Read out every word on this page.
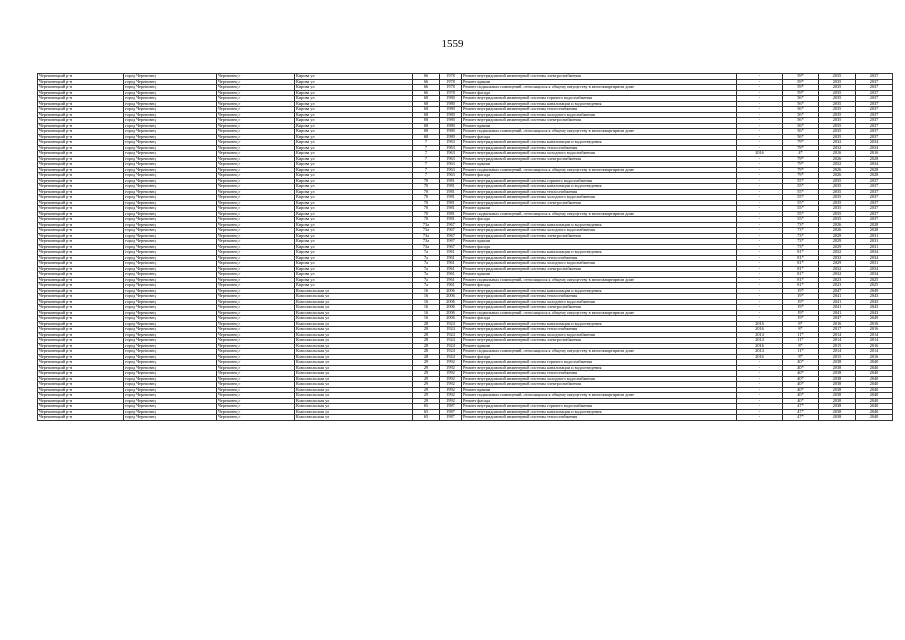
1559
Череповецкий р-н	город Череповец	Череповец г	Кирова ул	66	1978	Ремонт внутридомовой инженерной системы электроснабжения	-	59*	2035	2037
Череповецкий р-н	город Череповец	Череповец г	Кирова ул	66	1978	Ремонт крыши	-	59*	2035	2037
Череповецкий р-н	город Череповец	Череповец г	Кирова ул	66	1978	Ремонт подвальных помещений, относящихся к общему имуществу в многоквартирном доме	-	59*	2035	2037
Череповецкий р-н	город Череповец	Череповец г	Кирова ул	66	1978	Ремонт фасада	-	59*	2035	2037
Череповецкий р-н	город Череповец	Череповец г	Кирова ул	68	1980	Ремонт внутридомовой инженерной системы горячего водоснабжения	-	56*	2035	2037
Череповецкий р-н	город Череповец	Череповец г	Кирова ул	68	1980	Ремонт внутридомовой инженерной системы канализации и водоотведения	-	56*	2035	2037
Череповецкий р-н	город Череповец	Череповец г	Кирова ул	68	1980	Ремонт внутридомовой инженерной системы теплоснабжения	-	56*	2035	2037
Череповецкий р-н	город Череповец	Череповец г	Кирова ул	68	1980	Ремонт внутридомовой инженерной системы холодного водоснабжения	-	56*	2035	2037
Череповецкий р-н	город Череповец	Череповец г	Кирова ул	68	1980	Ремонт внутридомовой инженерной системы электроснабжения	-	56*	2035	2037
Череповецкий р-н	город Череповец	Череповец г	Кирова ул	68	1980	Ремонт крыши	-	56*	2035	2037
Череповецкий р-н	город Череповец	Череповец г	Кирова ул	68	1980	Ремонт подвальных помещений, относящихся к общему имуществу в многоквартирном доме	-	56*	2035	2037
Череповецкий р-н	город Череповец	Череповец г	Кирова ул	68	1980	Ремонт фасада	-	56*	2035	2037
Череповецкий р-н	город Череповец	Череповец г	Кирова ул	7	1963	Ремонт внутридомовой инженерной системы канализации и водоотведения	-	79*	2032	2034
Череповецкий р-н	город Череповец	Череповец г	Кирова ул	7	1963	Ремонт внутридомовой инженерной системы теплоснабжения	-	79*	2032	2034
Череповецкий р-н	город Череповец	Череповец г	Кирова ул	7	1963	Ремонт внутридомовой инженерной системы холодного водоснабжения	2016	4*	2016	2016
Череповецкий р-н	город Череповец	Череповец г	Кирова ул	7	1963	Ремонт внутридомовой инженерной системы электроснабжения	-	79*	2026	2028
Череповецкий р-н	город Череповец	Череповец г	Кирова ул	7	1963	Ремонт крыши	-	79*	2032	2034
Череповецкий р-н	город Череповец	Череповец г	Кирова ул	7	1963	Ремонт подвальных помещений, относящихся к общему имуществу в многоквартирном доме	-	79*	2026	2028
Череповецкий р-н	город Череповец	Череповец г	Кирова ул	7	1963	Ремонт фасада	-	79*	2026	2028
Череповецкий р-н	город Череповец	Череповец г	Кирова ул	70	1981	Ремонт внутридомовой инженерной системы горячего водоснабжения	-	55*	2035	2037
Череповецкий р-н	город Череповец	Череповец г	Кирова ул	70	1981	Ремонт внутридомовой инженерной системы канализации и водоотведения	-	55*	2035	2037
Череповецкий р-н	город Череповец	Череповец г	Кирова ул	70	1981	Ремонт внутридомовой инженерной системы теплоснабжения	-	55*	2035	2037
Череповецкий р-н	город Череповец	Череповец г	Кирова ул	70	1981	Ремонт внутридомовой инженерной системы холодного водоснабжения	-	55*	2035	2037
Череповецкий р-н	город Череповец	Череповец г	Кирова ул	70	1981	Ремонт внутридомовой инженерной системы электроснабжения	-	55*	2035	2037
Череповецкий р-н	город Череповец	Череповец г	Кирова ул	70	1981	Ремонт крыши	-	55*	2035	2037
Череповецкий р-н	город Череповец	Череповец г	Кирова ул	70	1981	Ремонт подвальных помещений, относящихся к общему имуществу в многоквартирном доме	-	55*	2035	2037
Череповецкий р-н	город Череповец	Череповец г	Кирова ул	70	1981	Ремонт фасада	-	55*	2035	2037
Череповецкий р-н	город Череповец	Череповец г	Кирова ул	73а	1967	Ремонт внутридомовой инженерной системы канализации и водоотведения	-	73*	2026	2028
Череповецкий р-н	город Череповец	Череповец г	Кирова ул	73а	1967	Ремонт внутридомовой инженерной системы холодного водоснабжения	-	73*	2026	2028
Череповецкий р-н	город Череповец	Череповец г	Кирова ул	73а	1967	Ремонт внутридомовой инженерной системы электроснабжения	-	73*	2029	2031
Череповецкий р-н	город Череповец	Череповец г	Кирова ул	73а	1967	Ремонт крыши	-	73*	2029	2031
Череповецкий р-н	город Череповец	Череповец г	Кирова ул	73а	1967	Ремонт фасада	-	73*	2029	2031
Череповецкий р-н	город Череповец	Череповец г	Кирова ул	7а	1961	Ремонт внутридомовой инженерной системы канализации и водоотведения	-	81*	2032	2034
Череповецкий р-н	город Череповец	Череповец г	Кирова ул	7а	1961	Ремонт внутридомовой инженерной системы теплоснабжения	-	81*	2032	2034
Череповецкий р-н	город Череповец	Череповец г	Кирова ул	7а	1961	Ремонт внутридомовой инженерной системы холодного водоснабжения	-	81*	2029	2031
Череповецкий р-н	город Череповец	Череповец г	Кирова ул	7а	1961	Ремонт внутридомовой инженерной системы электроснабжения	-	81*	2032	2034
Череповецкий р-н	город Череповец	Череповец г	Кирова ул	7а	1961	Ремонт крыши	-	81*	2032	2034
Череповецкий р-н	город Череповец	Череповец г	Кирова ул	7а	1961	Ремонт подвальных помещений, относящихся к общему имуществу в многоквартирном доме	-	81*	2023	2025
Череповецкий р-н	город Череповец	Череповец г	Кирова ул	7а	1961	Ремонт фасада	-	81*	2023	2025
Череповецкий р-н	город Череповец	Череповец г	Комсомольская ул	16	2006	Ремонт внутридомовой инженерной системы канализации и водоотведения	-	19*	2047	2049
Череповецкий р-н	город Череповец	Череповец г	Комсомольская ул	16	2006	Ремонт внутридомовой инженерной системы теплоснабжения	-	19*	2041	2043
Череповецкий р-н	город Череповец	Череповец г	Комсомольская ул	16	2006	Ремонт внутридомовой инженерной системы холодного водоснабжения	-	19*	2041	2043
Череповецкий р-н	город Череповец	Череповец г	Комсомольская ул	16	2006	Ремонт внутридомовой инженерной системы электроснабжения	-	19*	2041	2043
Череповецкий р-н	город Череповец	Череповец г	Комсомольская ул	16	2006	Ремонт подвальных помещений, относящихся к общему имуществу в многоквартирном доме	-	19*	2041	2043
Череповецкий р-н	город Череповец	Череповец г	Комсомольская ул	16	2006	Ремонт фасада	-	19*	2047	2049
Череповецкий р-н	город Череповец	Череповец г	Комсомольская ул	28	1924	Ремонт внутридомовой инженерной системы канализации и водоотведения	2016	8*	2016	2016
Череповецкий р-н	город Череповец	Череповец г	Комсомольская ул	28	1924	Ремонт внутридомовой инженерной системы теплоснабжения	2016	8*	2017	2016
Череповецкий р-н	город Череповец	Череповец г	Комсомольская ул	28	1924	Ремонт внутридомовой инженерной системы холодного водоснабжения	2014	11*	2014	2014
Череповецкий р-н	город Череповец	Череповец г	Комсомольская ул	28	1924	Ремонт внутридомовой инженерной системы электроснабжения	2014	11*	2014	2014
Череповецкий р-н	город Череповец	Череповец г	Комсомольская ул	28	1924	Ремонт крыши	2016	8*	2015	2016
Череповецкий р-н	город Череповец	Череповец г	Комсомольская ул	28	1924	Ремонт подвальных помещений, относящихся к общему имуществу в многоквартирном доме	2014	11*	2014	2014
Череповецкий р-н	город Череповец	Череповец г	Комсомольская ул	28	1924	Ремонт фасада	2016	8*	2015	2016
Череповецкий р-н	город Череповец	Череповец г	Комсомольская ул	29	1992	Ремонт внутридомовой инженерной системы горячего водоснабжения	-	40*	2038	2040
Череповецкий р-н	город Череповец	Череповец г	Комсомольская ул	29	1992	Ремонт внутридомовой инженерной системы канализации и водоотведения	-	40*	2038	2040
Череповецкий р-н	город Череповец	Череповец г	Комсомольская ул	29	1992	Ремонт внутридомовой инженерной системы теплоснабжения	-	40*	2038	2040
Череповецкий р-н	город Череповец	Череповец г	Комсомольская ул	29	1992	Ремонт внутридомовой инженерной системы холодного водоснабжения	-	40*	2038	2040
Череповецкий р-н	город Череповец	Череповец г	Комсомольская ул	29	1992	Ремонт внутридомовой инженерной системы электроснабжения	-	40*	2038	2040
Череповецкий р-н	город Череповец	Череповец г	Комсомольская ул	29	1992	Ремонт крыши	-	40*	2038	2040
Череповецкий р-н	город Череповец	Череповец г	Комсомольская ул	29	1992	Ремонт подвальных помещений, относящихся к общему имуществу в многоквартирном доме	-	40*	2038	2040
Череповецкий р-н	город Череповец	Череповец г	Комсомольская ул	29	1992	Ремонт фасада	-	40*	2038	2040
Череповецкий р-н	город Череповец	Череповец г	Комсомольская ул	65	1987	Ремонт внутридомовой инженерной системы горячего водоснабжения	-	47*	2038	2040
Череповецкий р-н	город Череповец	Череповец г	Комсомольская ул	65	1987	Ремонт внутридомовой инженерной системы канализации и водоотведения	-	47*	2038	2040
Череповецкий р-н	город Череповец	Череповец г	Комсомольская ул	65	1987	Ремонт внутридомовой инженерной системы теплоснабжения	-	47*	2038	2040
